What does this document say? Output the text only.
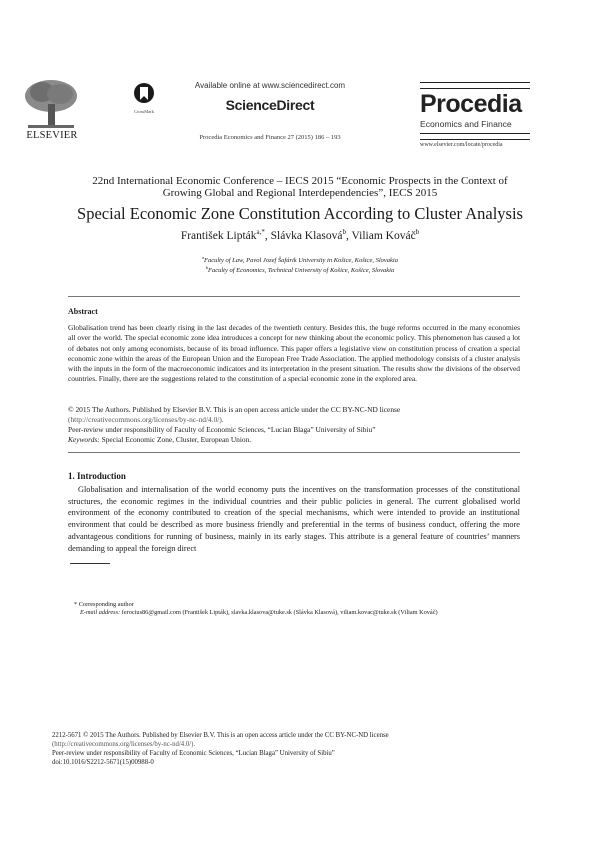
ELSEVIER
CrossMark
Available online at www.sciencedirect.com
ScienceDirect
Procedia Economics and Finance 27 (2015) 186 – 193
Procedia
Economics and Finance
www.elsevier.com/locate/procedia
22nd International Economic Conference – IECS 2015 “Economic Prospects in the Context of
Growing Global and Regional Interdependencies”, IECS 2015
Special Economic Zone Constitution According to Cluster Analysis
František Lipták$^{a,*}$, Slávka Klasová$^b$, Viliam Kováč$^b$
$^a$Faculty of Law, Pavol Jozef Šafárik University in Košice, Košice, Slovakia
$^b$Faculty of Economics, Technical University of Košice, Košice, Slovakia
Abstract
Globalisation trend has been clearly rising in the last decades of the twentieth century. Besides this, the huge reforms occurred in the many economies all over the world. The special economic zone idea introduces a concept for new thinking about the economic policy. This phenomenon has caused a lot of debates not only among economists, because of its broad influence. This paper offers a legislative view on constitution process of creation a special economic zone within the areas of the European Union and the European Free Trade Association. The applied methodology consists of a cluster analysis with the inputs in the form of the macroeconomic indicators and its interpretation in the present situation. The results show the divisions of the observed countries. Finally, there are the suggestions related to the constitution of a special economic zone in the explored area.
© 2015 The Authors. Published by Elsevier B.V. This is an open access article under the CC BY-NC-ND license
(http://creativecommons.org/licenses/by-nc-nd/4.0/).
Peer-review under responsibility of Faculty of Economic Sciences, “Lucian Blaga” University of Sibiu”
Keywords: Special Economic Zone, Cluster, European Union.
1. Introduction
Globalisation and internalisation of the world economy puts the incentives on the transformation processes of the constitutional structures, the economic regimes in the individual countries and their public policies in general. The current globalised world environment of the economy contributed to creation of the special mechanisms, which were intended to provide an institutional environment that could be described as more business friendly and preferential in the terms of business conduct, offering the more advantageous conditions for running of business, mainly in its early stages. This attribute is a general feature of countries’ manners demanding to appeal the foreign direct
* Corresponding author
E-mail address: ferocius86@gmail.com (František Lipták), slavka.klasova@tuke.sk (Slávka Klasová), viliam.kovac@tuke.sk (Viliam Kováč)
2212-5671 © 2015 The Authors. Published by Elsevier B.V. This is an open access article under the CC BY-NC-ND license
(http://creativecommons.org/licenses/by-nc-nd/4.0/).
Peer-review under responsibility of Faculty of Economic Sciences, “Lucian Blaga” University of Sibiu”
doi:10.1016/S2212-5671(15)00988-0
